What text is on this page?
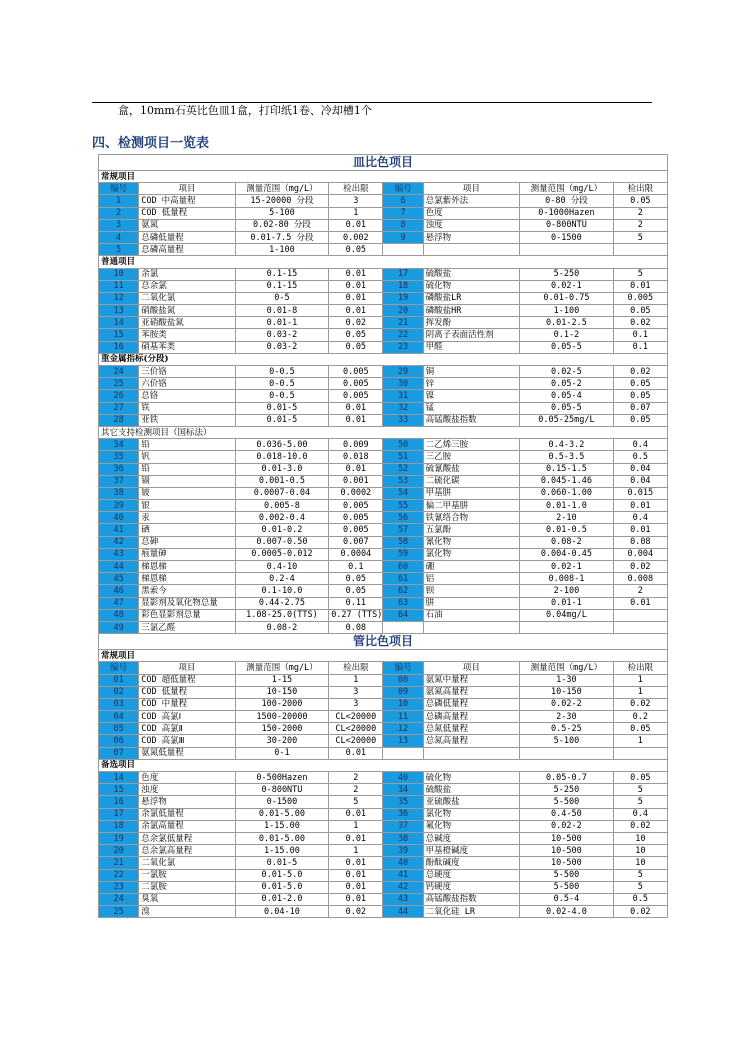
盒，10mm石英比色皿1盒，打印纸1卷、冷却槽1个
四、检测项目一览表
皿比色项目							
常规项目							
编号	项目	测量范围（mg/L）	检出限	编号	项目	测量范围（mg/L）	检出限
1	COD 中高量程	15-20000 分段	3	6	总氯紫外法	0-80 分段	0.05
2	COD 低量程	5-100	1	7	色度	0-1000Hazen	2
3	氨氮	0.02-80 分段	0.01	8	浊度	0-800NTU	2
4	总磷低量程	0.01-7.5 分段	0.002	9	悬浮物	0-1500	5
5	总磷高量程	1-100	0.05				
普通项目							
10	余氯	0.1-15	0.01	17	硫酸盐	5-250	5
11	总余氯	0.1-15	0.01	18	硫化物	0.02-1	0.01
12	二氧化氯	0-5	0.01	19	磷酸盐LR	0.01-0.75	0.005
13	硝酸盐氮	0.01-8	0.01	20	磷酸盐HR	1-100	0.05
14	亚硝酸盐氮	0.01-1	0.02	21	挥发酚	0.01-2.5	0.02
15	苯胺类	0.03-2	0.05	22	阴离子表面活性剂	0.1-2	0.1
16	硝基苯类	0.03-2	0.05	23	甲醛	0.05-5	0.1
重金属指标(分段)							
24	三价铬	0-0.5	0.005	29	铜	0.02-5	0.02
25	六价铬	0-0.5	0.005	30	锌	0.05-2	0.05
26	总铬	0-0.5	0.005	31	镍	0.05-4	0.05
27	铁	0.01-5	0.01	32	锰	0.05-5	0.07
28	亚铁	0.01-5	0.01	33	高锰酸盐指数	0.05-25mg/L	0.05
其它支持检测项目（国标法）							
34	铅	0.036-5.00	0.009	50	二乙烯三胺	0.4-3.2	0.4
35	钒	0.018-10.0	0.018	51	三乙胺	0.5-3.5	0.5
36	铅	0.01-3.0	0.01	52	硫氰酸盐	0.15-1.5	0.04
37	镉	0.001-0.5	0.001	53	二硫化碳	0.045-1.46	0.04
38	铍	0.0007-0.04	0.0002	54	甲基肼	0.060-1.00	0.015
39	银	0.005-8	0.005	55	偏二甲基肼	0.01-1.0	0.01
40	汞	0.002-0.4	0.005	56	铁氰络合物	2-10	0.4
41	硒	0.01-0.2	0.005	57	五氯酚	0.01-0.5	0.01
42	总砷	0.007-0.50	0.007	58	氰化物	0.08-2	0.08
43	痕量砷	0.0005-0.012	0.0004	59	氯化物	0.004-0.45	0.004
44	梯恩梯	0.4-10	0.1	60	硼	0.02-1	0.02
45	梯恩梯	0.2-4	0.05	61	铝	0.008-1	0.008
46	黑索今	0.1-10.0	0.05	62	钡	2-100	2
47	显影剂及氧化物总量	0.44-2.75	0.11	63	肼	0.01-1	0.01
48	彩色显影剂总量	1.08-25.0(TTS)	0.27 (TTS)	64	石油	0.04mg/L	
49	三氯乙醛	0.08-2	0.08				
管比色项目							
常规项目							
编号	项目	测量范围（mg/L）	检出限	编号	项目	测量范围（mg/L）	检出限
01	COD 超低量程	1-15	1	08	氨氮中量程	1-30	1
02	COD 低量程	10-150	3	09	氨氮高量程	10-150	1
03	COD 中量程	100-2000	3	10	总磷低量程	0.02-2	0.02
04	COD 高氯Ⅰ	1500-20000	CL<20000	11	总磷高量程	2-30	0.2
05	COD 高氯Ⅱ	150-2000	CL<20000	12	总氮低量程	0.5-25	0.05
06	COD 高氯Ⅲ	30-200	CL<20000	13	总氮高量程	5-100	1
07	氨氮低量程	0-1	0.01				
备选项目							
14	色度	0-500Hazen	2	40	硫化物	0.05-0.7	0.05
15	浊度	0-800NTU	2	34	硫酸盐	5-250	5
16	悬浮物	0-1500	5	35	亚硫酸盐	5-500	5
17	余氯低量程	0.01-5.00	0.01	36	氯化物	0.4-50	0.4
18	余氯高量程	1-15.00	1	37	氟化物	0.02-2	0.02
19	总余氯低量程	0.01-5.00	0.01	38	总碱度	10-500	10
20	总余氯高量程	1-15.00	1	39	甲基橙碱度	10-500	10
21	二氧化氯	0.01-5	0.01	40	酚酞碱度	10-500	10
22	一氯胺	0.01-5.0	0.01	41	总硬度	5-500	5
23	二氯胺	0.01-5.0	0.01	42	钙硬度	5-500	5
24	臭氧	0.01-2.0	0.01	43	高锰酸盐指数	0.5-4	0.5
25	溴	0.04-10	0.02	44	二氧化硅 LR	0.02-4.0	0.02
